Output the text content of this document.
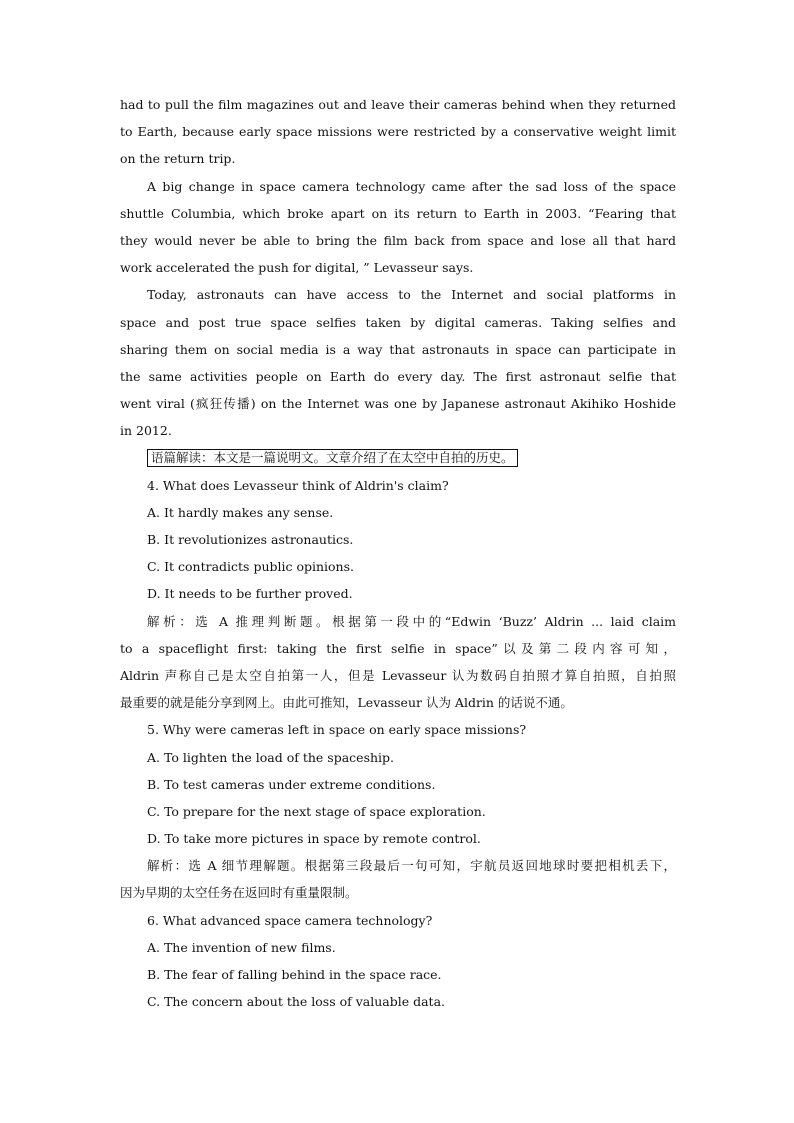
had to pull the film magazines out and leave their cameras behind when they returned
to Earth, because early space missions were restricted by a conservative weight limit
on the return trip.
A big change in space camera technology came after the sad loss of the space
shuttle Columbia, which broke apart on its return to Earth in 2003. “Fearing that
they would never be able to bring the film back from space and lose all that hard
work accelerated the push for digital, ” Levasseur says.
Today, astronauts can have access to the Internet and social platforms in
space and post true space selfies taken by digital cameras. Taking selfies and
sharing them on social media is a way that astronauts in space can participate in
the same activities people on Earth do every day. The first astronaut selfie that
went viral (疯狂传播) on the Internet was one by Japanese astronaut Akihiko Hoshide
in 2012.
语篇解读：本文是一篇说明文。文章介绍了在太空中自拍的历史。
4. What does Levasseur think of Aldrin's claim?
A. It hardly makes any sense.
B. It revolutionizes astronautics.
C. It contradicts public opinions.
D. It needs to be further proved.
解析：选 A 推理判断题。根据第一段中的“Edwin ‘Buzz’ Aldrin ... laid claim
to a spaceflight first: taking the first selfie in space”以及第二段内容可知，
Aldrin 声称自己是太空自拍第一人，但是 Levasseur 认为数码自拍照才算自拍照，自拍照
最重要的就是能分享到网上。由此可推知，Levasseur 认为 Aldrin 的话说不通。
5. Why were cameras left in space on early space missions?
A. To lighten the load of the spaceship.
B. To test cameras under extreme conditions.
C. To prepare for the next stage of space exploration.
D. To take more pictures in space by remote control.
解析：选 A 细节理解题。根据第三段最后一句可知，宇航员返回地球时要把相机丢下，
因为早期的太空任务在返回时有重量限制。
6. What advanced space camera technology?
A. The invention of new films.
B. The fear of falling behind in the space race.
C. The concern about the loss of valuable data.
